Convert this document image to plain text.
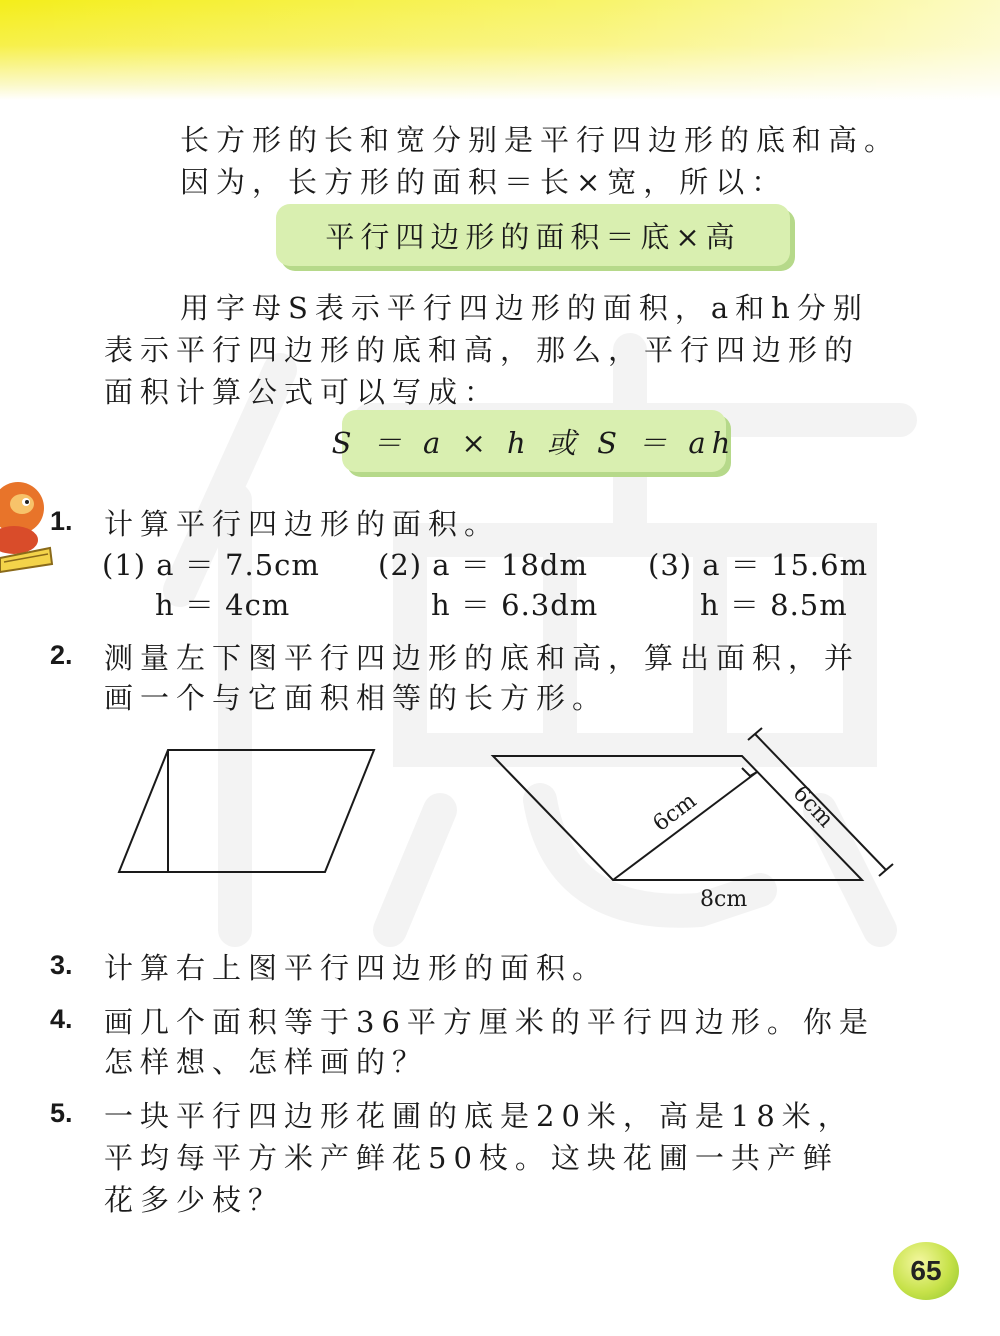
长方形的长和宽分别是平行四边形的底和高。
因为，长方形的面积＝长×宽，所以：
平行四边形的面积＝底×高
用字母S表示平行四边形的面积，a和h分别
表示平行四边形的底和高，那么，平行四边形的
面积计算公式可以写成：
S ＝ a × h 或 S ＝ ah
1. 计算平行四边形的面积。
(1) a ＝ 7.5cm
h ＝ 4cm
(2) a ＝ 18dm
h ＝ 6.3dm
(3) a ＝ 15.6m
h ＝ 8.5m
2. 测量左下图平行四边形的底和高，算出面积，并
画一个与它面积相等的长方形。
6cm	6cm
8cm
3. 计算右上图平行四边形的面积。
4. 画几个面积等于36平方厘米的平行四边形。你是
怎样想、怎样画的？
5. 一块平行四边形花圃的底是20米，高是18米，
平均每平方米产鲜花50枝。这块花圃一共产鲜
花多少枝？
65
